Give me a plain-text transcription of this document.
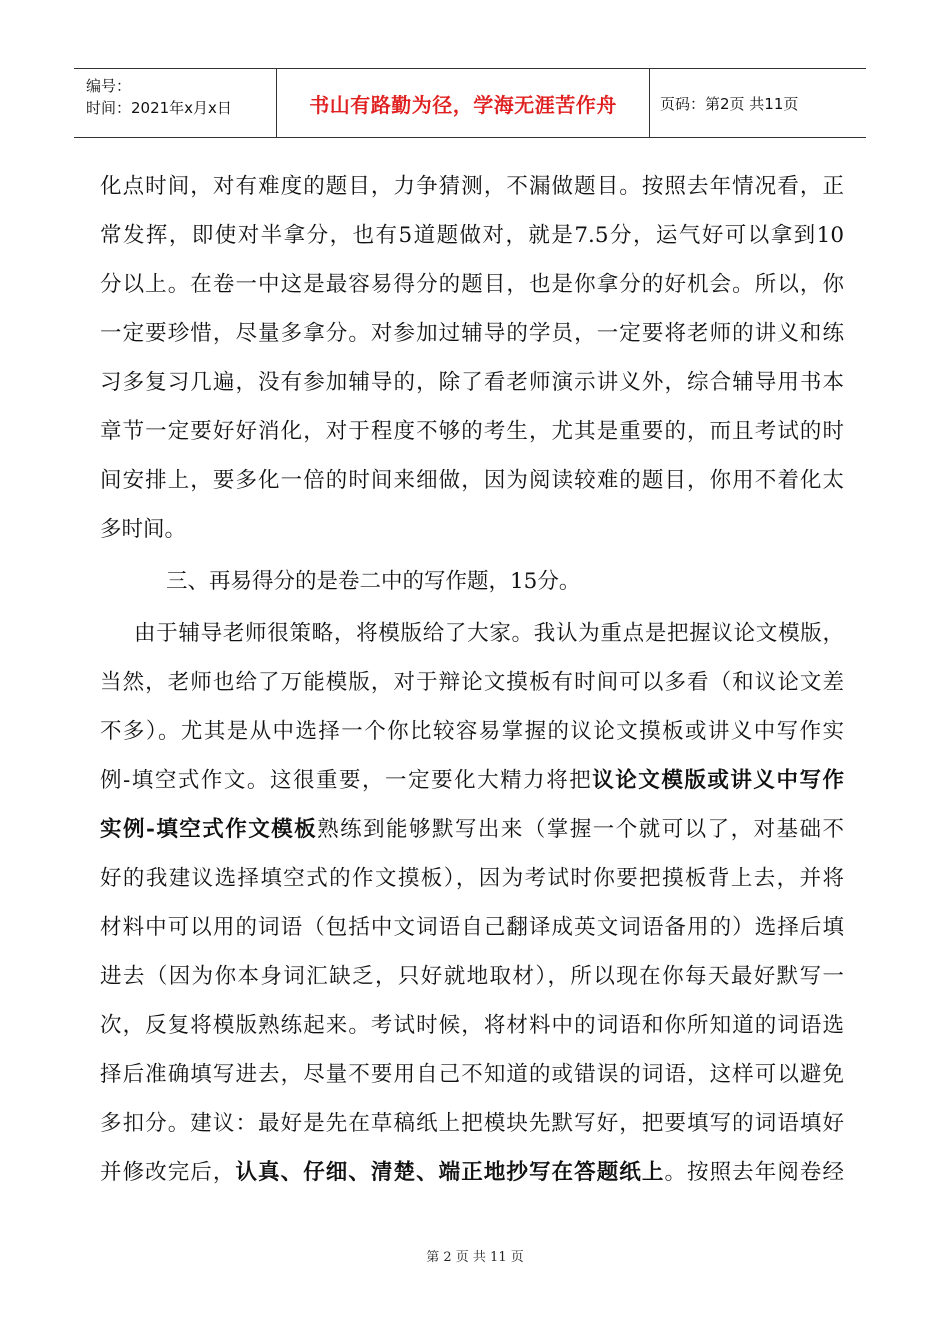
编号：
时间：2021年x月x日	书山有路勤为径，学海无涯苦作舟	页码：第2页 共11页
化点时间，对有难度的题目，力争猜测，不漏做题目。按照去年情况看，正
常发挥，即使对半拿分，也有5道题做对，就是7.5分，运气好可以拿到10
分以上。在卷一中这是最容易得分的题目，也是你拿分的好机会。所以，你
一定要珍惜，尽量多拿分。对参加过辅导的学员，一定要将老师的讲义和练
习多复习几遍，没有参加辅导的，除了看老师演示讲义外，综合辅导用书本
章节一定要好好消化，对于程度不够的考生，尤其是重要的，而且考试的时
间安排上，要多化一倍的时间来细做，因为阅读较难的题目，你用不着化太
多时间。
三、再易得分的是卷二中的写作题，15分。
由于辅导老师很策略，将模版给了大家。我认为重点是把握议论文模版，
当然，老师也给了万能模版，对于辩论文摸板有时间可以多看（和议论文差
不多）。尤其是从中选择一个你比较容易掌握的议论文摸板或讲义中写作实
例-填空式作文。这很重要，一定要化大精力将把议论文模版或讲义中写作
实例-填空式作文模板熟练到能够默写出来（掌握一个就可以了，对基础不
好的我建议选择填空式的作文摸板），因为考试时你要把摸板背上去，并将
材料中可以用的词语（包括中文词语自己翻译成英文词语备用的）选择后填
进去（因为你本身词汇缺乏，只好就地取材），所以现在你每天最好默写一
次，反复将模版熟练起来。考试时候，将材料中的词语和你所知道的词语选
择后准确填写进去，尽量不要用自己不知道的或错误的词语，这样可以避免
多扣分。建议：最好是先在草稿纸上把模块先默写好，把要填写的词语填好
并修改完后，认真、仔细、清楚、端正地抄写在答题纸上。按照去年阅卷经
第 2 页 共 11 页
